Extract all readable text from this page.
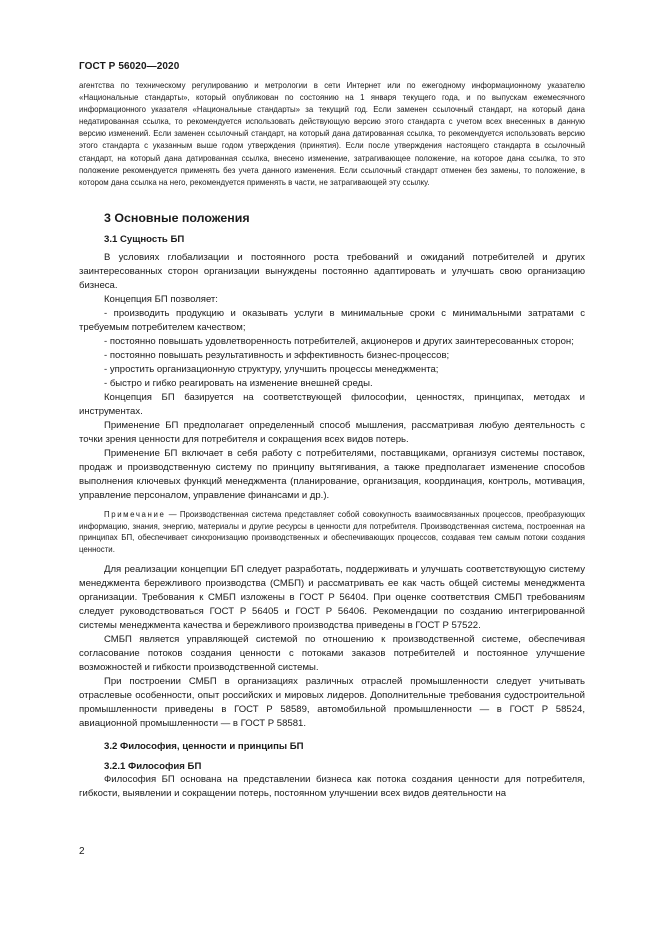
ГОСТ Р 56020—2020

агентства по техническому регулированию и метрологии в сети Интернет или по ежегодному информационному указателю «Национальные стандарты», который опубликован по состоянию на 1 января текущего года, и по выпускам ежемесячного информационного указателя «Национальные стандарты» за текущий год. Если заменен ссылочный стандарт, на который дана недатированная ссылка, то рекомендуется использовать действующую версию этого стандарта с учетом всех внесенных в данную версию изменений. Если заменен ссылочный стандарт, на который дана датированная ссылка, то рекомендуется использовать версию этого стандарта с указанным выше годом утверждения (принятия). Если после утверждения настоящего стандарта в ссылочный стандарт, на который дана датированная ссылка, внесено изменение, затрагивающее положение, на которое дана ссылка, то это положение рекомендуется применять без учета данного изменения. Если ссылочный стандарт отменен без замены, то положение, в котором дана ссылка на него, рекомендуется применять в части, не затрагивающей эту ссылку.

3 Основные положения
3.1 Сущность БП

В условиях глобализации и постоянного роста требований и ожиданий потребителей и других заинтересованных сторон организации вынуждены постоянно адаптировать и улучшать свою организацию бизнеса.

Концепция БП позволяет:

- производить продукцию и оказывать услуги в минимальные сроки с минимальными затратами с требуемым потребителем качеством;

- постоянно повышать удовлетворенность потребителей, акционеров и других заинтересованных сторон;

- постоянно повышать результативность и эффективность бизнес-процессов;

- упростить организационную структуру, улучшить процессы менеджмента;

- быстро и гибко реагировать на изменение внешней среды.

Концепция БП базируется на соответствующей философии, ценностях, принципах, методах и инструментах.

Применение БП предполагает определенный способ мышления, рассматривая любую деятельность с точки зрения ценности для потребителя и сокращения всех видов потерь.

Применение БП включает в себя работу с потребителями, поставщиками, организуя системы поставок, продаж и производственную систему по принципу вытягивания, а также предполагает изменение способов выполнения ключевых функций менеджмента (планирование, организация, координация, контроль, мотивация, управление персоналом, управление финансами и др.).

Примечание — Производственная система представляет собой совокупность взаимосвязанных процессов, преобразующих информацию, знания, энергию, материалы и другие ресурсы в ценности для потребителя. Производственная система, построенная на принципах БП, обеспечивает синхронизацию производственных и обеспечивающих процессов, создавая тем самым потоки создания ценности.

Для реализации концепции БП следует разработать, поддерживать и улучшать соответствующую систему менеджмента бережливого производства (СМБП) и рассматривать ее как часть общей системы менеджмента организации. Требования к СМБП изложены в ГОСТ Р 56404. При оценке соответствия СМБП требованиям следует руководствоваться ГОСТ Р 56405 и ГОСТ Р 56406. Рекомендации по созданию интегрированной системы менеджмента качества и бережливого производства приведены в ГОСТ Р 57522.

СМБП является управляющей системой по отношению к производственной системе, обеспечивая согласование потоков создания ценности с потоками заказов потребителей и постоянное улучшение возможностей и гибкости производственной системы.

При построении СМБП в организациях различных отраслей промышленности следует учитывать отраслевые особенности, опыт российских и мировых лидеров. Дополнительные требования судостроительной промышленности приведены в ГОСТ Р 58589, автомобильной промышленности — в ГОСТ Р 58524, авиационной промышленности — в ГОСТ Р 58581.

3.2 Философия, ценности и принципы БП
3.2.1 Философия БП

Философия БП основана на представлении бизнеса как потока создания ценности для потребителя, гибкости, выявлении и сокращении потерь, постоянном улучшении всех видов деятельности на

2
